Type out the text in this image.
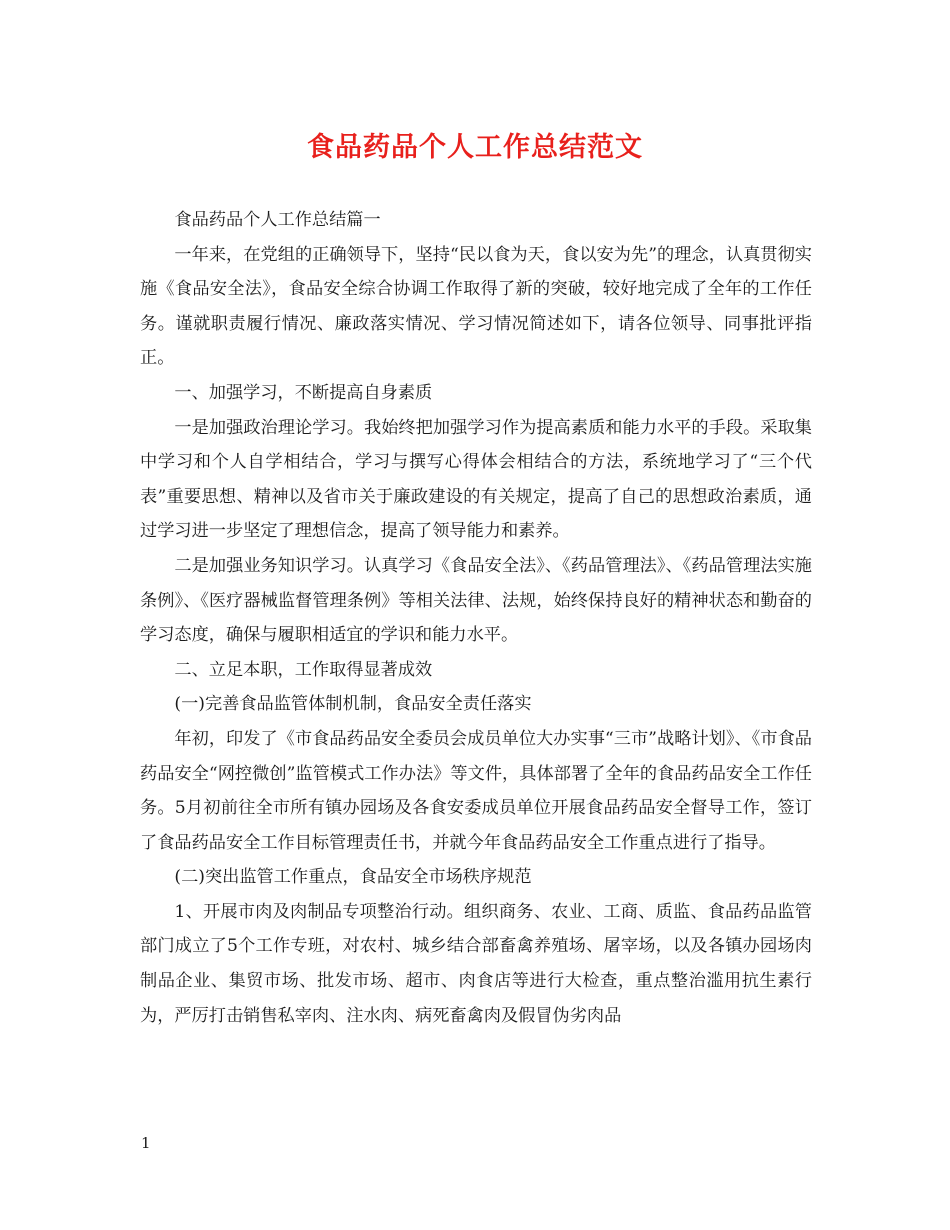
食品药品个人工作总结范文

食品药品个人工作总结篇一

一年来，在党组的正确领导下，坚持“民以食为天，食以安为先”的理念，认真贯彻实施《食品安全法》，食品安全综合协调工作取得了新的突破，较好地完成了全年的工作任务。谨就职责履行情况、廉政落实情况、学习情况简述如下，请各位领导、同事批评指正。

一、加强学习，不断提高自身素质

一是加强政治理论学习。我始终把加强学习作为提高素质和能力水平的手段。采取集中学习和个人自学相结合，学习与撰写心得体会相结合的方法，系统地学习了“三个代表”重要思想、精神以及省市关于廉政建设的有关规定，提高了自己的思想政治素质，通过学习进一步坚定了理想信念，提高了领导能力和素养。

二是加强业务知识学习。认真学习《食品安全法》、《药品管理法》、《药品管理法实施条例》、《医疗器械监督管理条例》等相关法律、法规，始终保持良好的精神状态和勤奋的学习态度，确保与履职相适宜的学识和能力水平。

二、立足本职，工作取得显著成效

(一)完善食品监管体制机制，食品安全责任落实

年初，印发了《市食品药品安全委员会成员单位大办实事“三市”战略计划》、《市食品药品安全“网控微创”监管模式工作办法》等文件，具体部署了全年的食品药品安全工作任务。5月初前往全市所有镇办园场及各食安委成员单位开展食品药品安全督导工作，签订了食品药品安全工作目标管理责任书，并就今年食品药品安全工作重点进行了指导。

(二)突出监管工作重点，食品安全市场秩序规范

1、开展市肉及肉制品专项整治行动。组织商务、农业、工商、质监、食品药品监管部门成立了5个工作专班，对农村、城乡结合部畜禽养殖场、屠宰场，以及各镇办园场肉制品企业、集贸市场、批发市场、超市、肉食店等进行大检查，重点整治滥用抗生素行为，严厉打击销售私宰肉、注水肉、病死畜禽肉及假冒伪劣肉品

1
